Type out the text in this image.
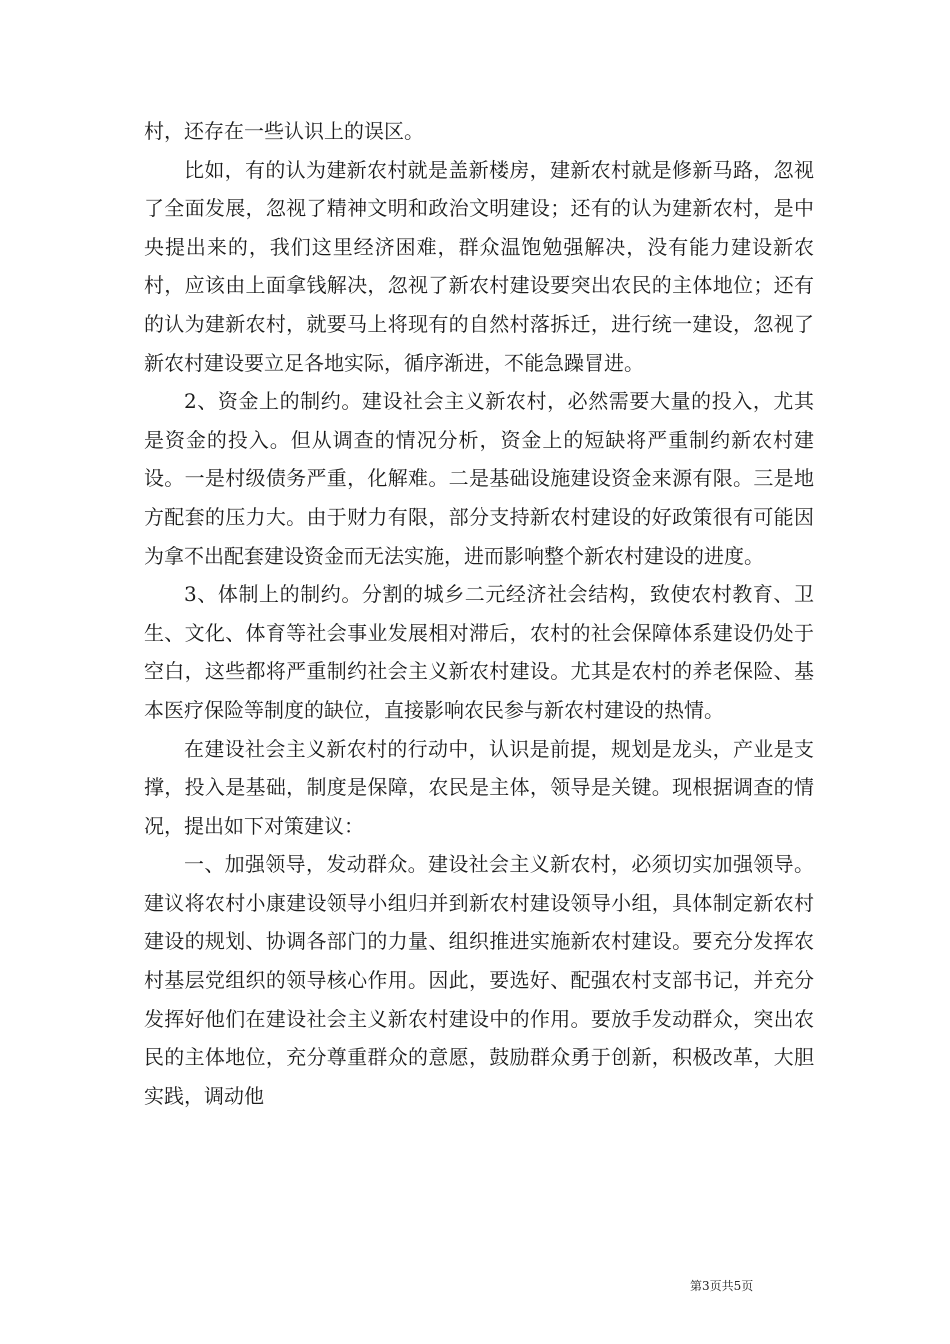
村，还存在一些认识上的误区。

比如，有的认为建新农村就是盖新楼房，建新农村就是修新马路，忽视了全面发展，忽视了精神文明和政治文明建设；还有的认为建新农村，是中央提出来的，我们这里经济困难，群众温饱勉强解决，没有能力建设新农村，应该由上面拿钱解决，忽视了新农村建设要突出农民的主体地位；还有的认为建新农村，就要马上将现有的自然村落拆迁，进行统一建设，忽视了新农村建设要立足各地实际，循序渐进，不能急躁冒进。

2、资金上的制约。建设社会主义新农村，必然需要大量的投入，尤其是资金的投入。但从调查的情况分析，资金上的短缺将严重制约新农村建设。一是村级债务严重，化解难。二是基础设施建设资金来源有限。三是地方配套的压力大。由于财力有限，部分支持新农村建设的好政策很有可能因为拿不出配套建设资金而无法实施，进而影响整个新农村建设的进度。

3、体制上的制约。分割的城乡二元经济社会结构，致使农村教育、卫生、文化、体育等社会事业发展相对滞后，农村的社会保障体系建设仍处于空白，这些都将严重制约社会主义新农村建设。尤其是农村的养老保险、基本医疗保险等制度的缺位，直接影响农民参与新农村建设的热情。

在建设社会主义新农村的行动中，认识是前提，规划是龙头，产业是支撑，投入是基础，制度是保障，农民是主体，领导是关键。现根据调查的情况，提出如下对策建议：

一、加强领导，发动群众。建设社会主义新农村，必须切实加强领导。建议将农村小康建设领导小组归并到新农村建设领导小组，具体制定新农村建设的规划、协调各部门的力量、组织推进实施新农村建设。要充分发挥农村基层党组织的领导核心作用。因此，要选好、配强农村支部书记，并充分发挥好他们在建设社会主义新农村建设中的作用。要放手发动群众，突出农民的主体地位，充分尊重群众的意愿，鼓励群众勇于创新，积极改革，大胆实践，调动他

第3页共5页
